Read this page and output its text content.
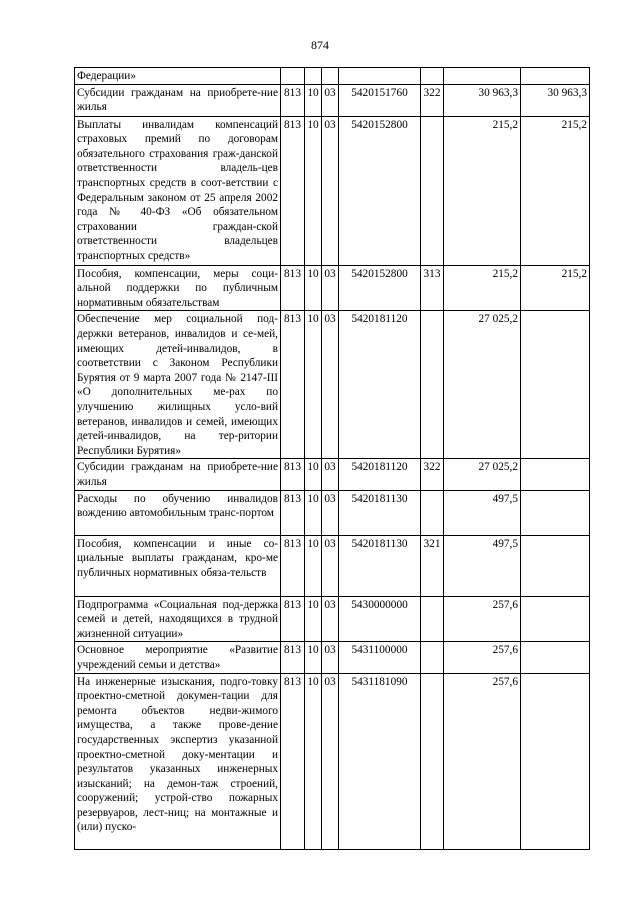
874
Федерации»							
Субсидии гражданам на приобрете-ние жилья	813	10	03	5420151760	322	30 963,3	30 963,3
Выплаты инвалидам компенсаций страховых премий по договорам обязательного страхования граж-данской ответственности владель-цев транспортных средств в соот-ветствии с Федеральным законом от 25 апреля 2002 года № 40-ФЗ «Об обязательном страховании граждан-ской ответственности владельцев транспортных средств»	813	10	03	5420152800		215,2	215,2
Пособия, компенсации, меры соци-альной поддержки по публичным нормативным обязательствам	813	10	03	5420152800	313	215,2	215,2
Обеспечение мер социальной под-держки ветеранов, инвалидов и се-мей, имеющих детей-инвалидов, в соответствии с Законом Республики Бурятия от 9 марта 2007 года № 2147-III «О дополнительных ме-рах по улучшению жилищных усло-вий ветеранов, инвалидов и семей, имеющих детей-инвалидов, на тер-ритории Республики Бурятия»	813	10	03	5420181120		27 025,2	
Субсидии гражданам на приобрете-ние жилья	813	10	03	5420181120	322	27 025,2	
Расходы по обучению инвалидов вождению автомобильным транс-портом	813	10	03	5420181130		497,5	
Пособия, компенсации и иные со-циальные выплаты гражданам, кро-ме публичных нормативных обяза-тельств	813	10	03	5420181130	321	497,5	
Подпрограмма «Социальная под-держка семей и детей, находящихся в трудной жизненной ситуации»	813	10	03	5430000000		257,6	
Основное мероприятие «Развитие учреждений семьи и детства»	813	10	03	5431100000		257,6	
На инженерные изыскания, подго-товку проектно-сметной докумен-тации для ремонта объектов недви-жимого имущества, а также прове-дение государственных экспертиз указанной проектно-сметной доку-ментации и результатов указанных инженерных изысканий; на демон-таж строений, сооружений; устрой-ство пожарных резервуаров, лест-ниц; на монтажные и (или) пуско-	813	10	03	5431181090		257,6	
